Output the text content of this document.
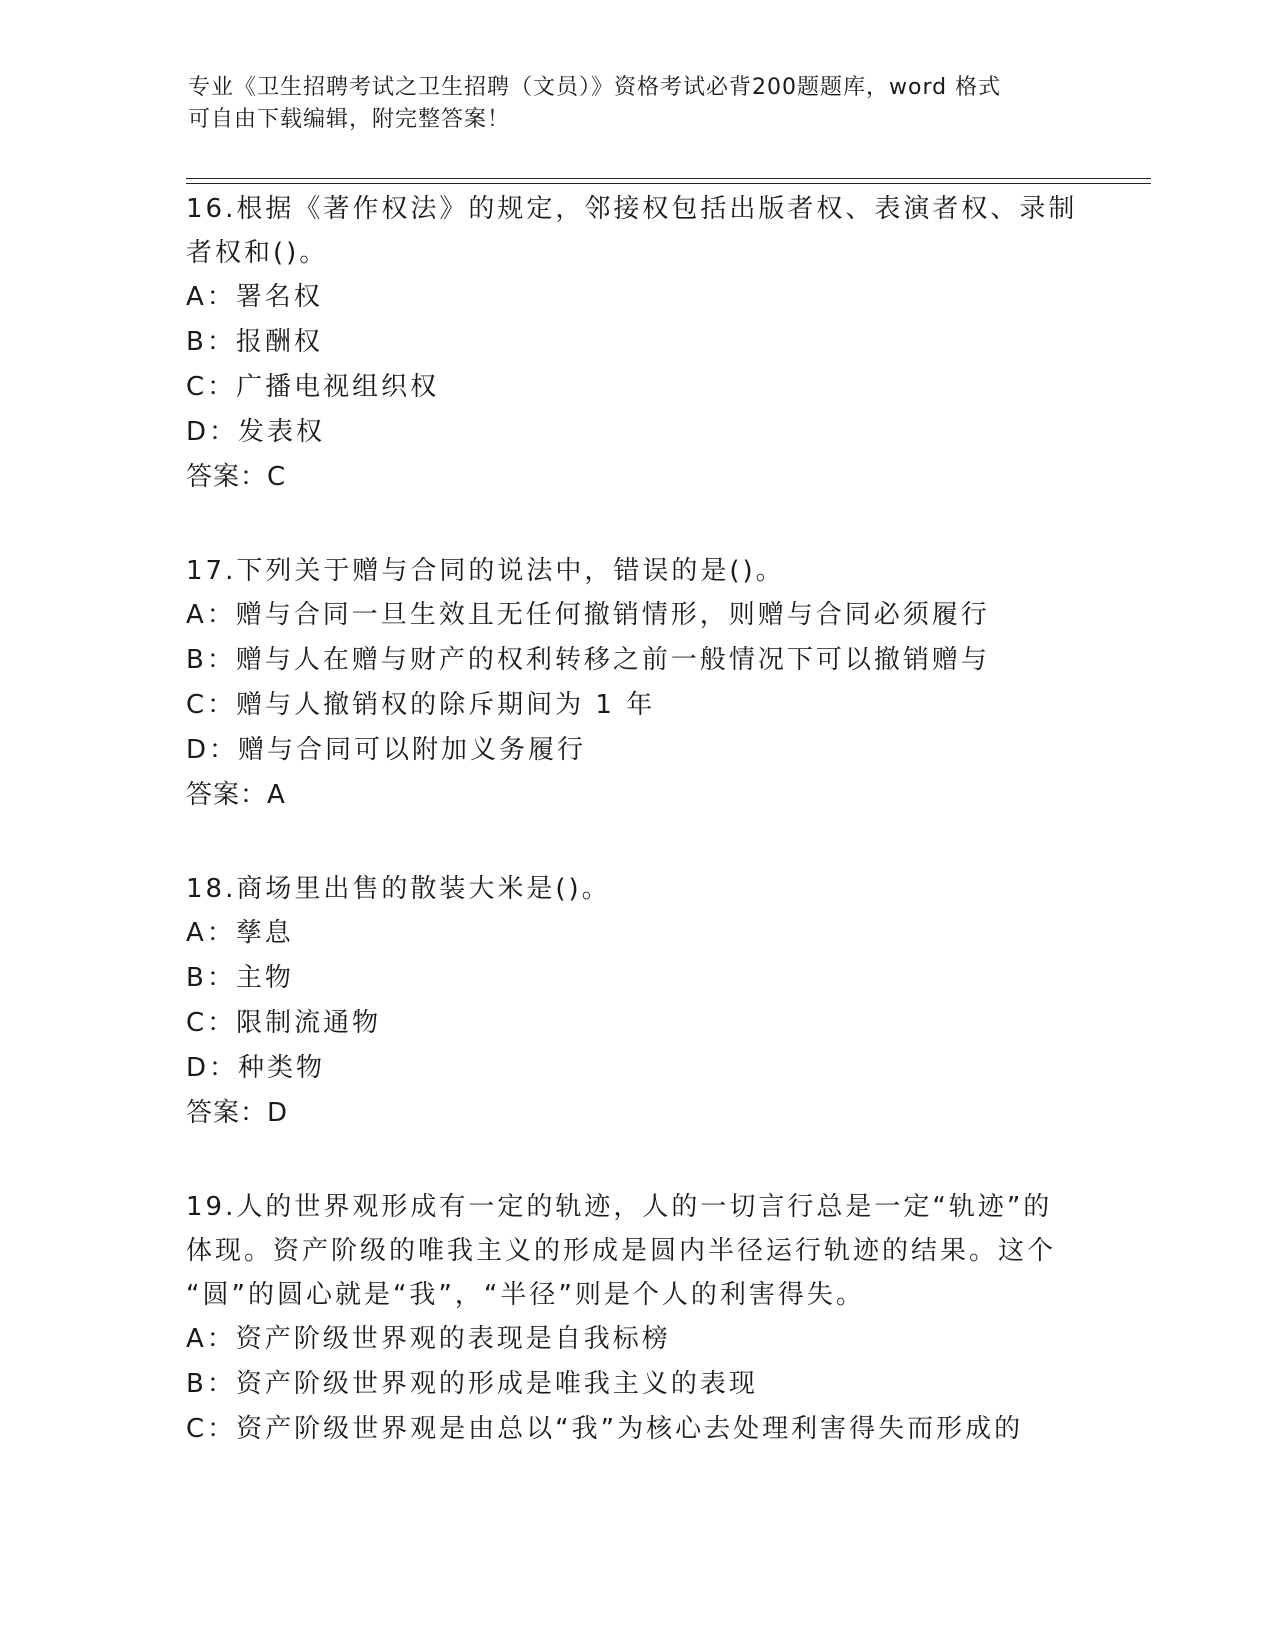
专业《卫生招聘考试之卫生招聘（文员）》资格考试必背200题题库，word 格式
可自由下载编辑，附完整答案！
16.根据《著作权法》的规定，邻接权包括出版者权、表演者权、录制
者权和()。
A：署名权
B：报酬权
C：广播电视组织权
D：发表权
答案：C
17.下列关于赠与合同的说法中，错误的是()。
A：赠与合同一旦生效且无任何撤销情形，则赠与合同必须履行
B：赠与人在赠与财产的权利转移之前一般情况下可以撤销赠与
C：赠与人撤销权的除斥期间为 1 年
D：赠与合同可以附加义务履行
答案：A
18.商场里出售的散装大米是()。
A：孳息
B：主物
C：限制流通物
D：种类物
答案：D
19.人的世界观形成有一定的轨迹，人的一切言行总是一定“轨迹”的
体现。资产阶级的唯我主义的形成是圆内半径运行轨迹的结果。这个
“圆”的圆心就是“我”，“半径”则是个人的利害得失。
A：资产阶级世界观的表现是自我标榜
B：资产阶级世界观的形成是唯我主义的表现
C：资产阶级世界观是由总以“我”为核心去处理利害得失而形成的
